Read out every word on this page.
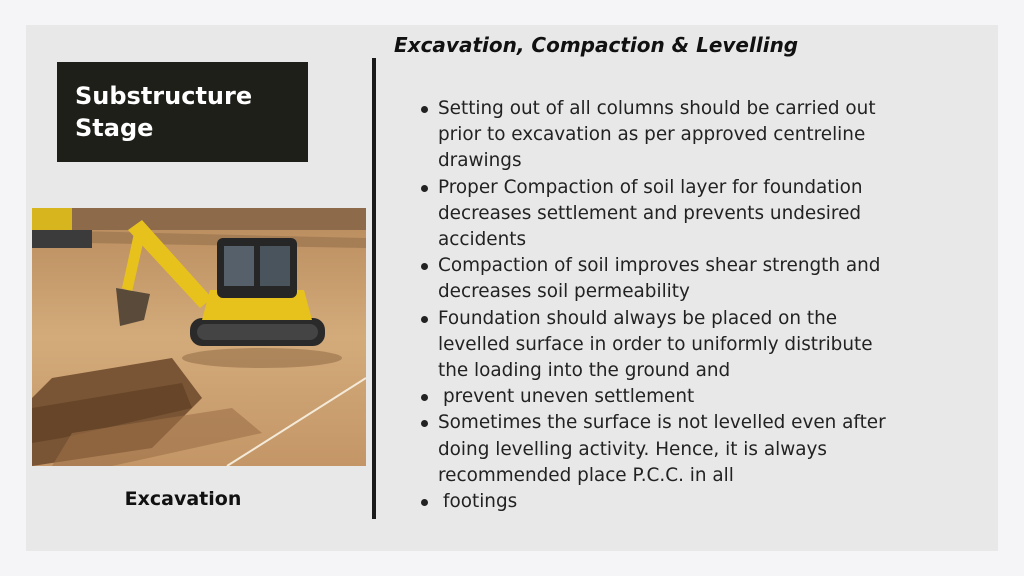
Substructure
Stage
Excavation
Excavation, Compaction & Levelling
Setting out of all columns should be carried out
prior to excavation as per approved centreline
drawings
Proper Compaction of soil layer for foundation
decreases settlement and prevents undesired
accidents
Compaction of soil improves shear strength and
decreases soil permeability
Foundation should always be placed on the
levelled surface in order to uniformly distribute
the loading into the ground and
prevent uneven settlement
Sometimes the surface is not levelled even after
doing levelling activity. Hence, it is always
recommended place P.C.C. in all
footings
